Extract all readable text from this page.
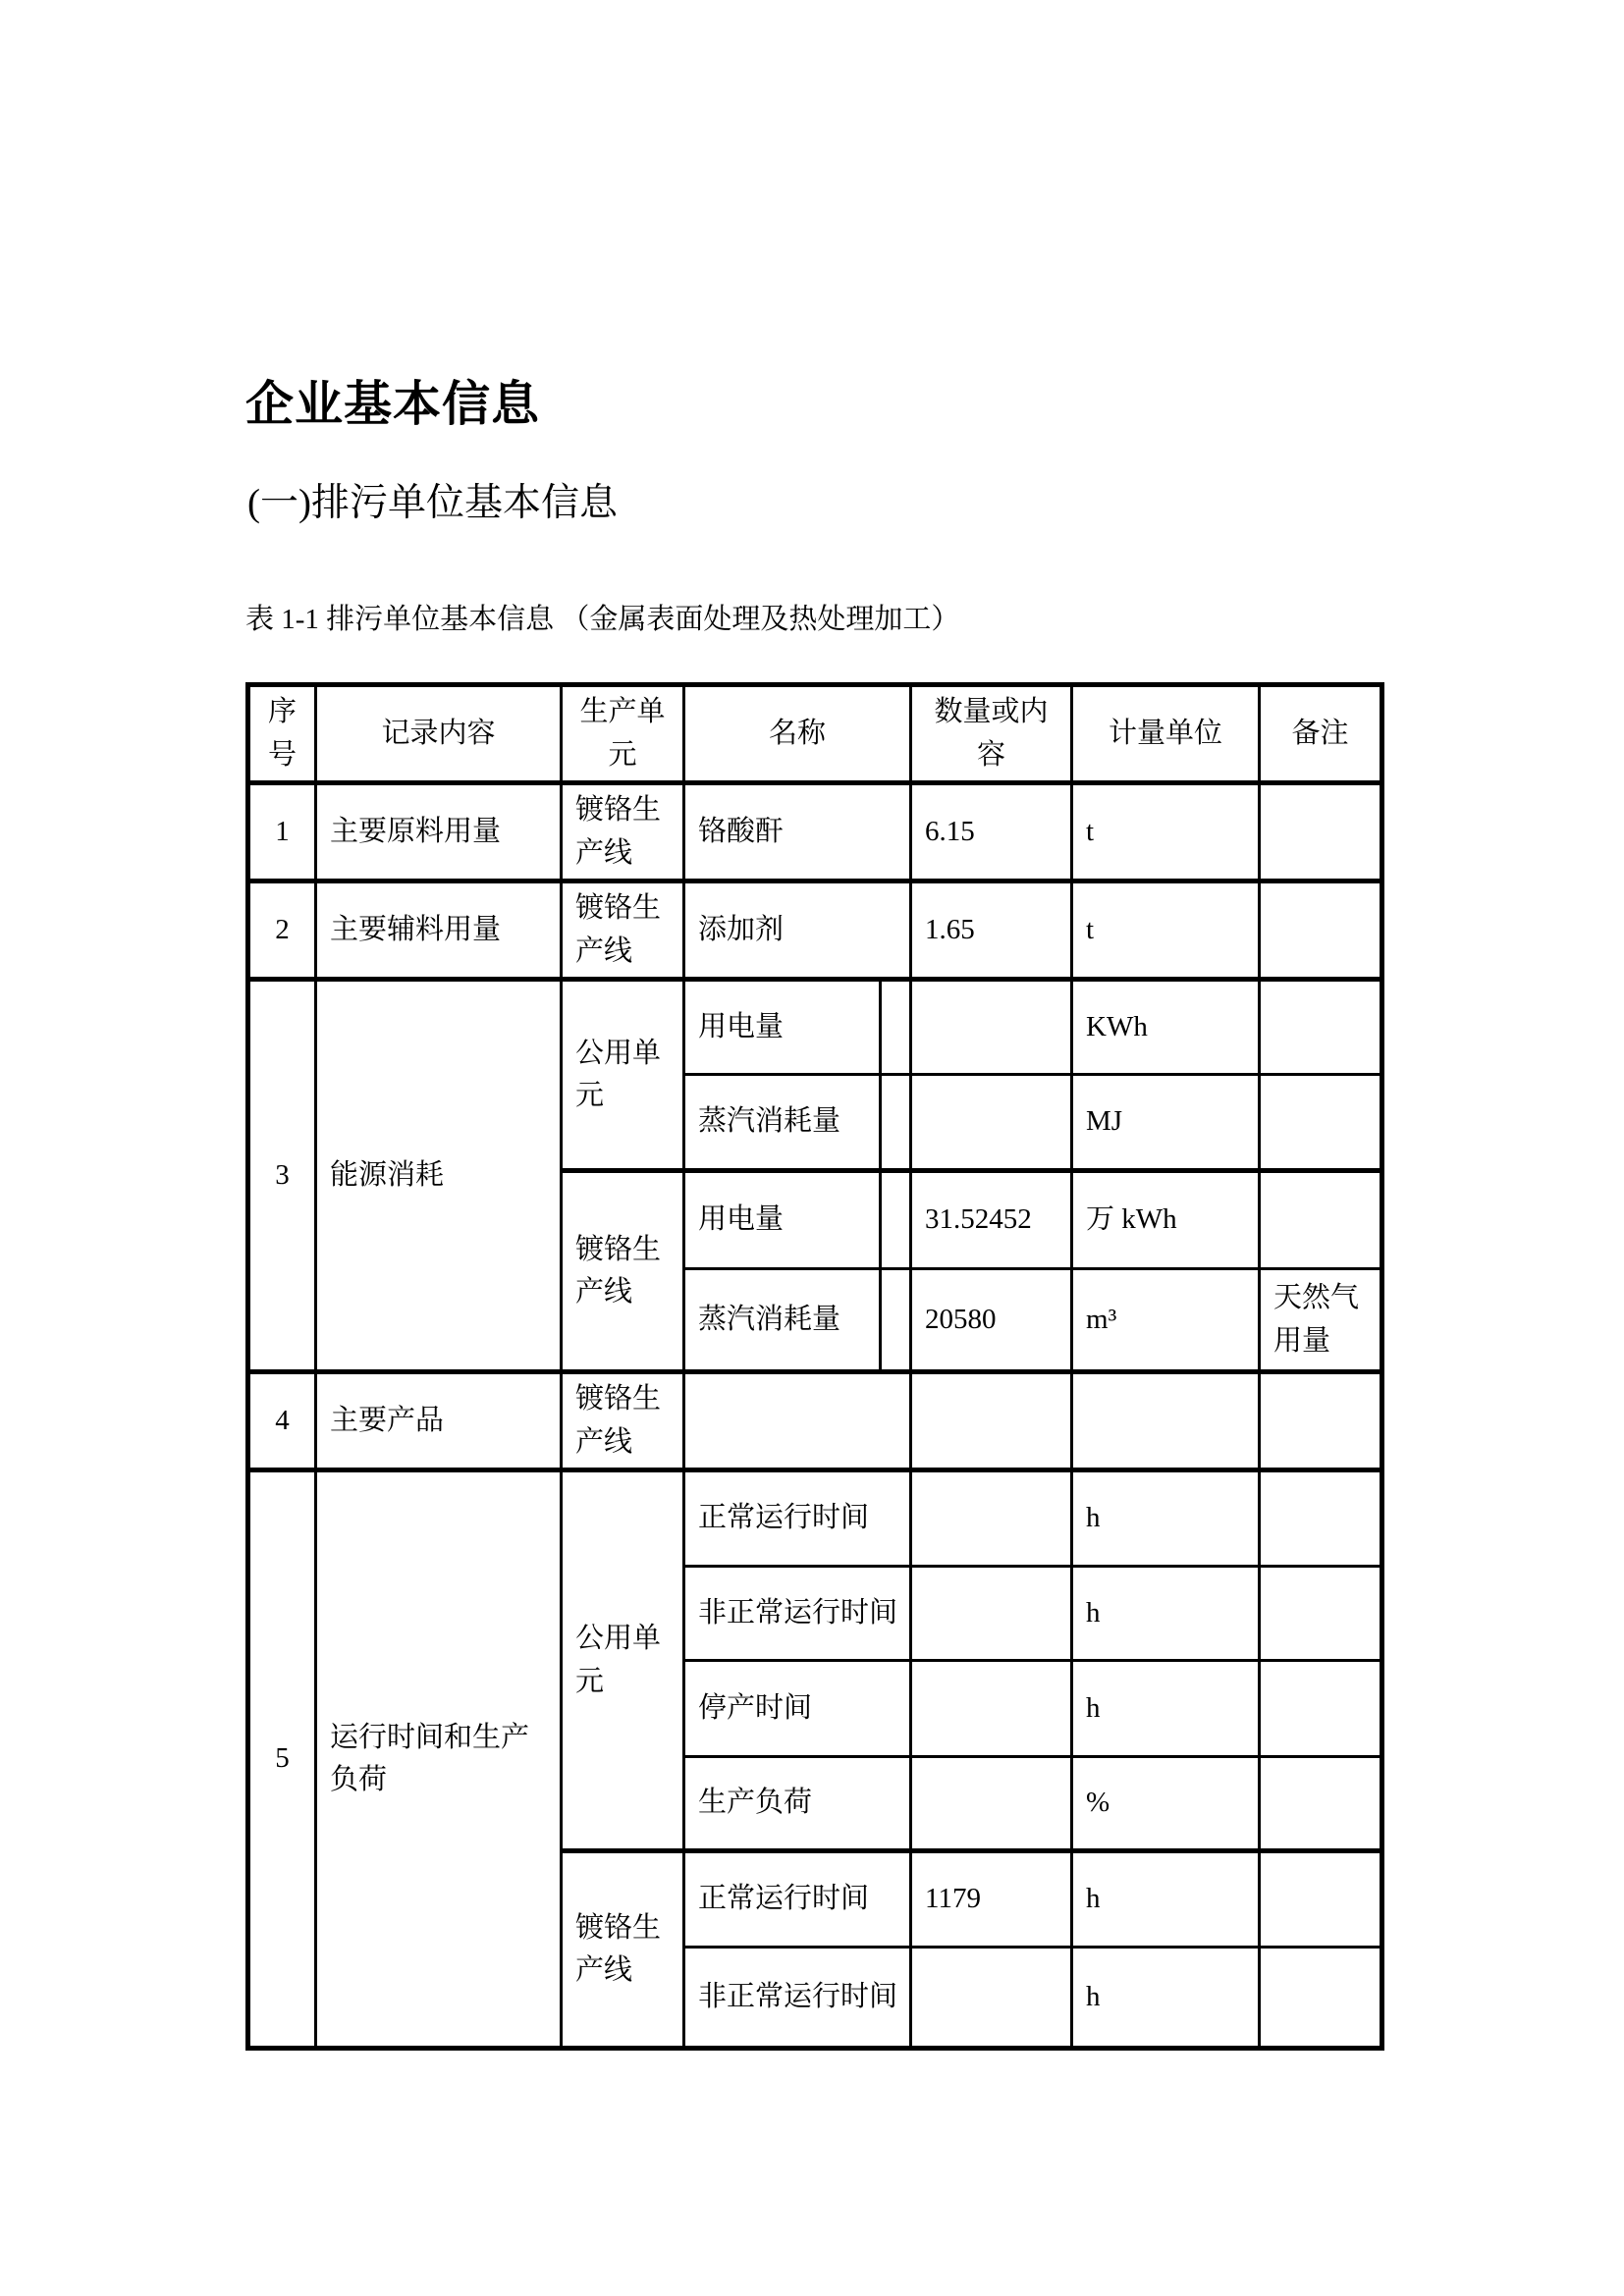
企业基本信息
(一)排污单位基本信息
表 1-1 排污单位基本信息 （金属表面处理及热处理加工）
序号	记录内容	生产单元	名称		数量或内容	计量单位	备注

1	主要原料用量	镀铬生产线	铬酸酐		6.15	t	
2	主要辅料用量	镀铬生产线	添加剂		1.65	t	
3	能源消耗	公用单元	用电量			KWh	
			蒸汽消耗量			MJ	
		镀铬生产线	用电量		31.52452	万 kWh	
			蒸汽消耗量		20580	m³	天然气用量
4	主要产品	镀铬生产线					
5	运行时间和生产负荷	公用单元	正常运行时间			h	
			非正常运行时间			h	
			停产时间			h	
			生产负荷			%	
		镀铬生产线	正常运行时间		1179	h	
			非正常运行时间			h	
